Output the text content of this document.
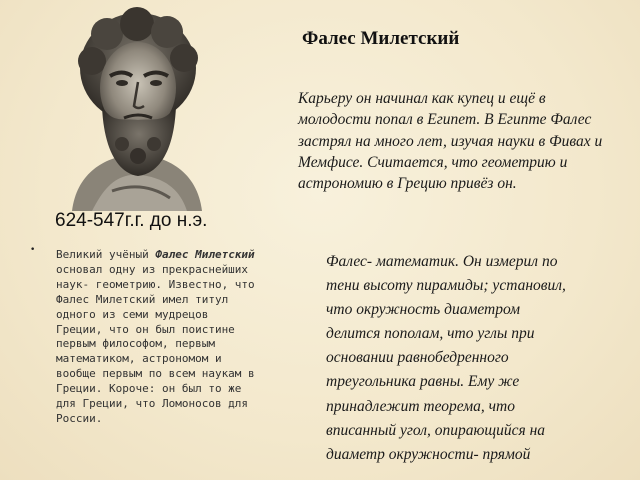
Фалес Милетский
Карьеру он начинал как купец и ещё в молодости попал в Египет. В Египте Фалес застрял на много лет, изучая науки в Фивах и Мемфисе. Считается, что геометрию и астрономию в Грецию привёз он.
624-547г.г. до н.э.
• Великий учёный Фалес Милетский
основал одну из прекраснейших
наук- геометрию. Известно, что
Фалес Милетский имел титул
одного из семи мудрецов
Греции, что он был поистине
первым философом, первым
математиком, астрономом и
вообще первым по всем наукам в
Греции. Короче: он был то же
для Греции, что Ломоносов для
России.
Фалес- математик. Он измерил по
тени высоту пирамиды; установил,
что окружность диаметром
делится пополам, что углы при
основании равнобедренного
треугольника равны. Ему же
принадлежит теорема, что
вписанный угол, опирающийся на
диаметр окружности- прямой
